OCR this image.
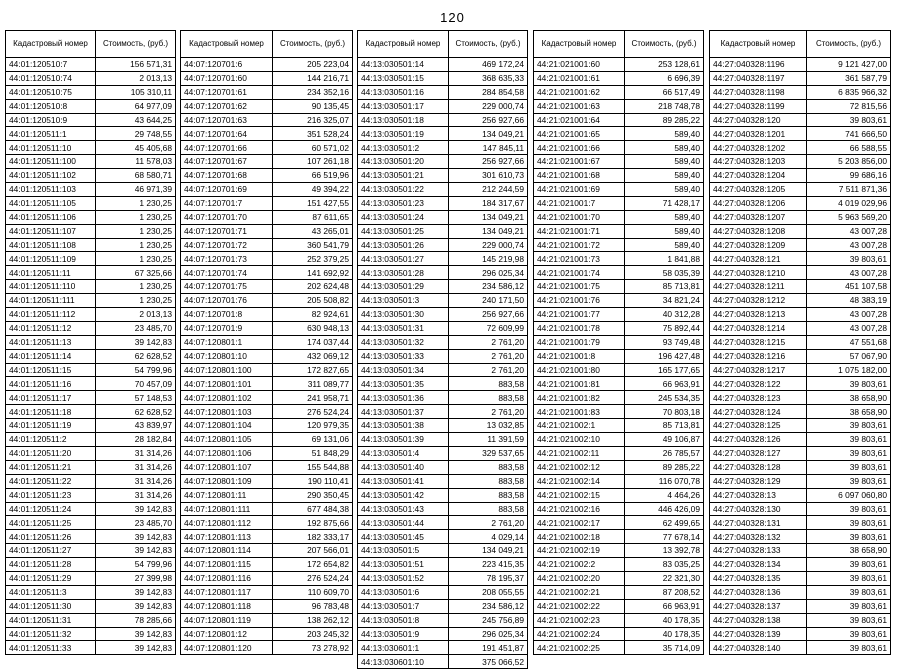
120
Кадастровый номер	Стоимость, (руб.)
44:01:120510:7	156 571,31
44:01:120510:74	2 013,13
44:01:120510:75	105 310,11
44:01:120510:8	64 977,09
44:01:120510:9	43 644,25
44:01:120511:1	29 748,55
44:01:120511:10	45 405,68
44:01:120511:100	11 578,03
44:01:120511:102	68 580,71
44:01:120511:103	46 971,39
44:01:120511:105	1 230,25
44:01:120511:106	1 230,25
44:01:120511:107	1 230,25
44:01:120511:108	1 230,25
44:01:120511:109	1 230,25
44:01:120511:11	67 325,66
44:01:120511:110	1 230,25
44:01:120511:111	1 230,25
44:01:120511:112	2 013,13
44:01:120511:12	23 485,70
44:01:120511:13	39 142,83
44:01:120511:14	62 628,52
44:01:120511:15	54 799,96
44:01:120511:16	70 457,09
44:01:120511:17	57 148,53
44:01:120511:18	62 628,52
44:01:120511:19	43 839,97
44:01:120511:2	28 182,84
44:01:120511:20	31 314,26
44:01:120511:21	31 314,26
44:01:120511:22	31 314,26
44:01:120511:23	31 314,26
44:01:120511:24	39 142,83
44:01:120511:25	23 485,70
44:01:120511:26	39 142,83
44:01:120511:27	39 142,83
44:01:120511:28	54 799,96
44:01:120511:29	27 399,98
44:01:120511:3	39 142,83
44:01:120511:30	39 142,83
44:01:120511:31	78 285,66
44:01:120511:32	39 142,83
44:01:120511:33	39 142,83
Кадастровый номер	Стоимость, (руб.)
44:07:120701:6	205 223,04
44:07:120701:60	144 216,71
44:07:120701:61	234 352,16
44:07:120701:62	90 135,45
44:07:120701:63	216 325,07
44:07:120701:64	351 528,24
44:07:120701:66	60 571,02
44:07:120701:67	107 261,18
44:07:120701:68	66 519,96
44:07:120701:69	49 394,22
44:07:120701:7	151 427,55
44:07:120701:70	87 611,65
44:07:120701:71	43 265,01
44:07:120701:72	360 541,79
44:07:120701:73	252 379,25
44:07:120701:74	141 692,92
44:07:120701:75	202 624,48
44:07:120701:76	205 508,82
44:07:120701:8	82 924,61
44:07:120701:9	630 948,13
44:07:120801:1	174 037,44
44:07:120801:10	432 069,12
44:07:120801:100	172 827,65
44:07:120801:101	311 089,77
44:07:120801:102	241 958,71
44:07:120801:103	276 524,24
44:07:120801:104	120 979,35
44:07:120801:105	69 131,06
44:07:120801:106	51 848,29
44:07:120801:107	155 544,88
44:07:120801:109	190 110,41
44:07:120801:11	290 350,45
44:07:120801:111	677 484,38
44:07:120801:112	192 875,66
44:07:120801:113	182 333,17
44:07:120801:114	207 566,01
44:07:120801:115	172 654,82
44:07:120801:116	276 524,24
44:07:120801:117	110 609,70
44:07:120801:118	96 783,48
44:07:120801:119	138 262,12
44:07:120801:12	203 245,32
44:07:120801:120	73 278,92
Кадастровый номер	Стоимость, (руб.)
44:13:030501:14	469 172,24
44:13:030501:15	368 635,33
44:13:030501:16	284 854,58
44:13:030501:17	229 000,74
44:13:030501:18	256 927,66
44:13:030501:19	134 049,21
44:13:030501:2	147 845,11
44:13:030501:20	256 927,66
44:13:030501:21	301 610,73
44:13:030501:22	212 244,59
44:13:030501:23	184 317,67
44:13:030501:24	134 049,21
44:13:030501:25	134 049,21
44:13:030501:26	229 000,74
44:13:030501:27	145 219,98
44:13:030501:28	296 025,34
44:13:030501:29	234 586,12
44:13:030501:3	240 171,50
44:13:030501:30	256 927,66
44:13:030501:31	72 609,99
44:13:030501:32	2 761,20
44:13:030501:33	2 761,20
44:13:030501:34	2 761,20
44:13:030501:35	883,58
44:13:030501:36	883,58
44:13:030501:37	2 761,20
44:13:030501:38	13 032,85
44:13:030501:39	11 391,59
44:13:030501:4	329 537,65
44:13:030501:40	883,58
44:13:030501:41	883,58
44:13:030501:42	883,58
44:13:030501:43	883,58
44:13:030501:44	2 761,20
44:13:030501:45	4 029,14
44:13:030501:5	134 049,21
44:13:030501:51	223 415,35
44:13:030501:52	78 195,37
44:13:030501:6	208 055,55
44:13:030501:7	234 586,12
44:13:030501:8	245 756,89
44:13:030501:9	296 025,34
44:13:030601:1	191 451,87
44:13:030601:10	375 066,52
Кадастровый номер	Стоимость, (руб.)
44:21:021001:60	253 128,61
44:21:021001:61	6 696,39
44:21:021001:62	66 517,49
44:21:021001:63	218 748,78
44:21:021001:64	89 285,22
44:21:021001:65	589,40
44:21:021001:66	589,40
44:21:021001:67	589,40
44:21:021001:68	589,40
44:21:021001:69	589,40
44:21:021001:7	71 428,17
44:21:021001:70	589,40
44:21:021001:71	589,40
44:21:021001:72	589,40
44:21:021001:73	1 841,88
44:21:021001:74	58 035,39
44:21:021001:75	85 713,81
44:21:021001:76	34 821,24
44:21:021001:77	40 312,28
44:21:021001:78	75 892,44
44:21:021001:79	93 749,48
44:21:021001:8	196 427,48
44:21:021001:80	165 177,65
44:21:021001:81	66 963,91
44:21:021001:82	245 534,35
44:21:021001:83	70 803,18
44:21:021002:1	85 713,81
44:21:021002:10	49 106,87
44:21:021002:11	26 785,57
44:21:021002:12	89 285,22
44:21:021002:14	116 070,78
44:21:021002:15	4 464,26
44:21:021002:16	446 426,09
44:21:021002:17	62 499,65
44:21:021002:18	77 678,14
44:21:021002:19	13 392,78
44:21:021002:2	83 035,25
44:21:021002:20	22 321,30
44:21:021002:21	87 208,52
44:21:021002:22	66 963,91
44:21:021002:23	40 178,35
44:21:021002:24	40 178,35
44:21:021002:25	35 714,09
Кадастровый номер	Стоимость, (руб.)
44:27:040328:1196	9 121 427,00
44:27:040328:1197	361 587,79
44:27:040328:1198	6 835 966,32
44:27:040328:1199	72 815,56
44:27:040328:120	39 803,61
44:27:040328:1201	741 666,50
44:27:040328:1202	66 588,55
44:27:040328:1203	5 203 856,00
44:27:040328:1204	99 686,16
44:27:040328:1205	7 511 871,36
44:27:040328:1206	4 019 029,96
44:27:040328:1207	5 963 569,20
44:27:040328:1208	43 007,28
44:27:040328:1209	43 007,28
44:27:040328:121	39 803,61
44:27:040328:1210	43 007,28
44:27:040328:1211	451 107,58
44:27:040328:1212	48 383,19
44:27:040328:1213	43 007,28
44:27:040328:1214	43 007,28
44:27:040328:1215	47 551,68
44:27:040328:1216	57 067,90
44:27:040328:1217	1 075 182,00
44:27:040328:122	39 803,61
44:27:040328:123	38 658,90
44:27:040328:124	38 658,90
44:27:040328:125	39 803,61
44:27:040328:126	39 803,61
44:27:040328:127	39 803,61
44:27:040328:128	39 803,61
44:27:040328:129	39 803,61
44:27:040328:13	6 097 060,80
44:27:040328:130	39 803,61
44:27:040328:131	39 803,61
44:27:040328:132	39 803,61
44:27:040328:133	38 658,90
44:27:040328:134	39 803,61
44:27:040328:135	39 803,61
44:27:040328:136	39 803,61
44:27:040328:137	39 803,61
44:27:040328:138	39 803,61
44:27:040328:139	39 803,61
44:27:040328:140	39 803,61
